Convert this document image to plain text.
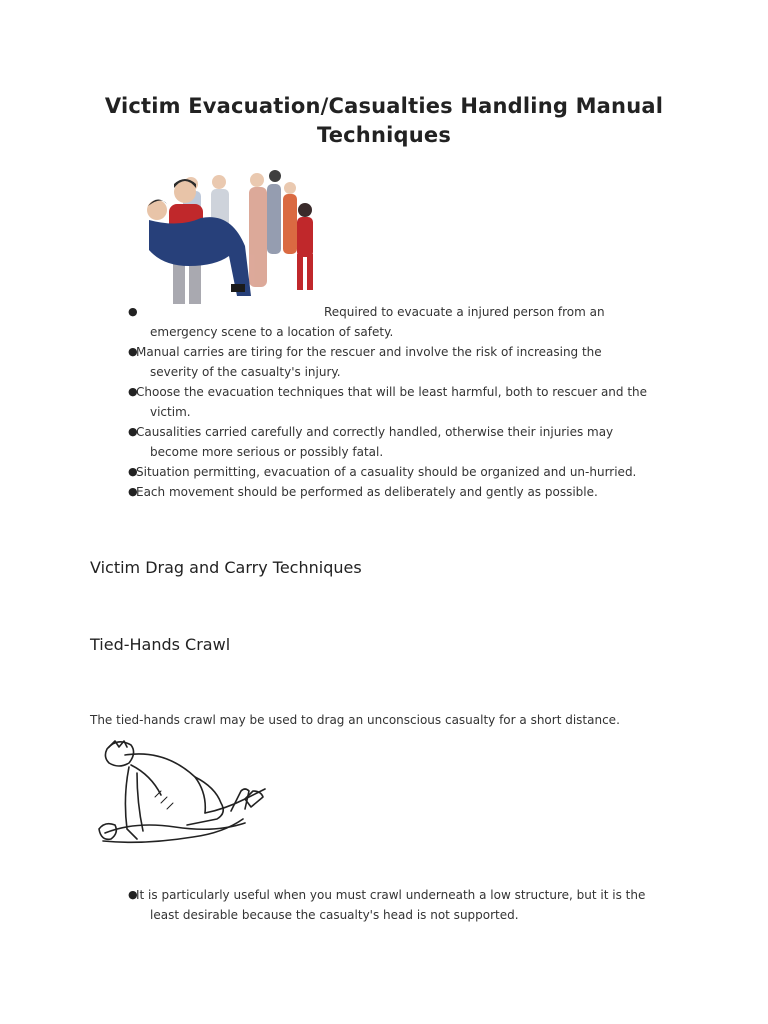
Victim Evacuation/Casualties Handling Manual Techniques
●	Required to evacuate a injured person from an
emergency scene to a location of safety.
●
Manual carries are tiring for the rescuer and involve the risk of increasing the
severity of the casualty's injury.
●
Choose the evacuation techniques that will be least harmful, both to rescuer and the
victim.
●
Causalities carried carefully and correctly handled, otherwise their injuries may
become more serious or possibly fatal.
●
Situation permitting, evacuation of a casuality should be organized and un-hurried.
●
Each movement should be performed as deliberately and gently as possible.
Victim Drag and Carry Techniques
Tied-Hands Crawl

The tied-hands crawl may be used to drag an unconscious casualty for a short distance.

●
It is particularly useful when you must crawl underneath a low structure, but it is the
least desirable because the casualty's head is not supported.
